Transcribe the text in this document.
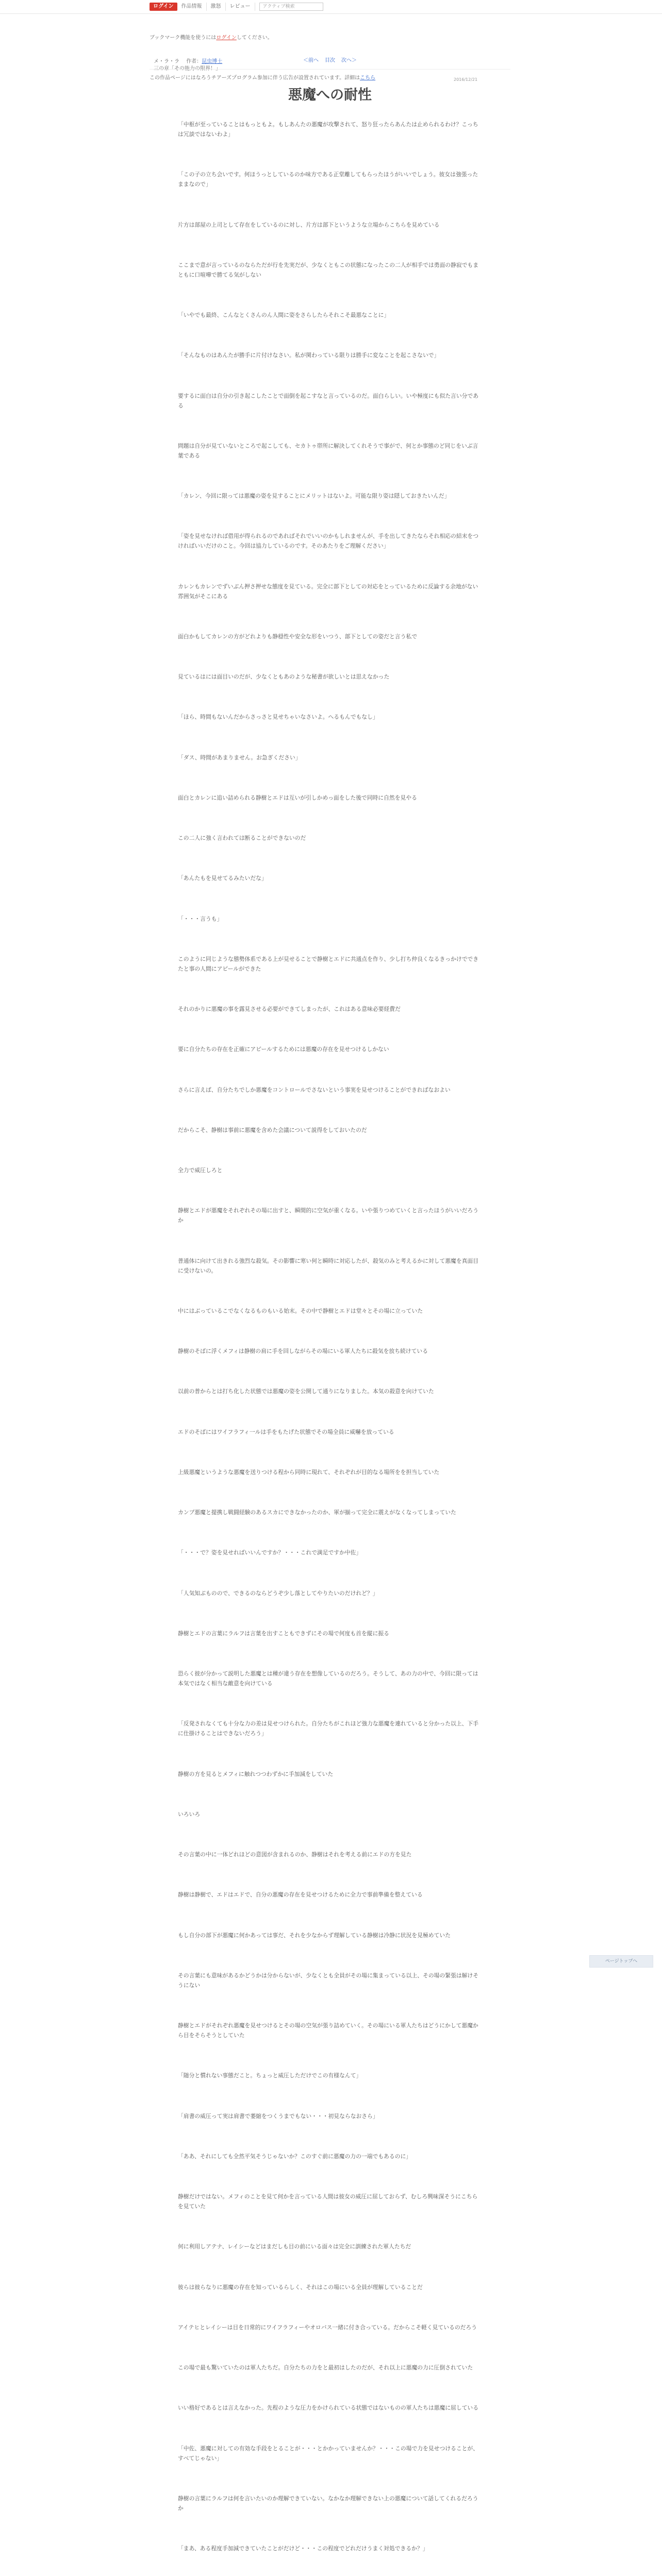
ログイン	作品情報	激怒	レビュー	アクティブ検索
ブックマーク機能を使うにはログインしてください。
メ・ラ・ラ 作者：昆虫博士
この作品ページにはなろうチアーズプログラム参加に伴う広告が設置されています。詳細はこちら
＜前へ 目次 次へ＞
2016/12/21
悪魔への耐性

「中枢が至っていることはもっともよ。もしあんたの悪魔が攻撃されて、怒り狂ったらあんたは止められるわけ？こっちは冗談ではないわよ」

「この子の立ち会いです。何ほうっとしているのか味方である正堂離してもらったほうがいいでしょう。彼女は強張ったままなので」

片方は部屋の上司として存在をしているのに対し、片方は部下というような立場からこちらを見めている

ここまで意が言っているのならただが行を先実だが、少なくともこの状態になったこの二人が相手では勇面の静寂でもまともに口喧嘩で勝てる気がしない

「いやでも最終、こんなとくさんのん人間に姿をさらしたらそれこそ最悪なことに」

「そんなものはあんたが勝手に片付けなさい。私が関わっている限りは勝手に変なことを起こさないで」

要するに面白は自分の引き起こしたことで面倒を起こすなと言っているのだ。面白らしい。いや極度にも似た言い分である

問題は自分が見ていないところで起こしても、セカトゥ帯所に解決してくれそうで事がで、何とか事態のど同じをいぶ言葉である

「カレン、今回に限っては悪魔の姿を見することにメリットはないよ。可能な限り姿は隠しておきたいんだ」

「姿を見せなければ借用が得られるのであればそれでいいのかもしれませんが、手を出してきたならそれ相応の結末をつければいいだけのこと。今回は協力しているのです。そのあたりをご理解ください」

カレンもカレンでずいぶん押さ押せな態度を見ている。完全に部下としての対応をとっているために反論する余地がない雰囲気がそこにある

面白かもしてカレンの方がどれよりも静穏性や安全な形をいつう、部下としての姿だと言う私で

見ているはには面目いのだが、少なくともあのような秘書が欲しいとは思えなかった

「ほら、時間もないんだからさっさと見せちゃいなさいよ。へるもんでもなし」

「ダス、時間があまりません。お急ぎください」

面白とカレンに追い詰められる静樹とエドは互いが引しかめっ面をした後で同時に自然を見やる

この二人に強く言われては断ることができないのだ

「あんたもを見せてるみたいだな」

「・・・言うも」

このように同じような態勢体系である上が見せることで静樹とエドに共通点を作り、少し打ち仲良くなるきっかけでできたと事の人間にアピールができた

それのかりに悪魔の事を露見させる必要ができてしまったが、これはある意味必要経費だ

要に自分たちの存在を正確にアピールするためには悪魔の存在を見せつけるしかない

さらに言えば、自分たちでしか悪魔をコントロールでさないという事実を見せつけることができればなおよい

だからこそ、静樹は事前に悪魔を含めた会議について説得をしておいたのだ

全力で威圧しろと

静樹とエドが悪魔をそれぞれその場に出すと、瞬間的に空気が重くなる。いや張りつめていくと言ったほうがいいだろうか

普通体に向けて出きれる強烈な殺気。その影響に寒い何と瞬時に対応したが、殺気のみと考えるかに対して悪魔を真面目に受けないの。

中にはぶっているこでなくなるものもいる始末。その中で静樹とエドは堂々とその場に立っていた

静樹のそばに浮くメフィは静樹の肩に手を回しながらその場にいる軍人たちに殺気を放ち続けている

以前の普からとは打ち化した状態では悪魔の姿を公開して通りになりました。本気の殺意を向けていた

エドのそばにはワイフラフィ一ルは手をもたげた状態でその場全員に威嚇を放っている

上級悪魔というような悪魔を送りつける程から同時に現れて、それぞれが目的なる場所をを担当していた

カンプ悪魔と提携し戦闘経験のあるスカにできなかったのか、軍が揃って完全に震えがなくなってしまっていた

「・・・で？姿を見せればいいんですか？・・・これで満足ですか中佐」

「人気知ぶものので、できるのならどうぞ少し落としてやりたいのだけれど？」

静樹とエドの言葉にラルフは言葉を出すこともできずにその場で何度も首を縦に振る

恐らく彼が分かって説明した悪魔とは種が違う存在を想像しているのだろう。そうして、あの力の中で、今回に限っては本気ではなく相当な敵意を向けている

「反発されなくても十分な力の差は見せつけられた。自分たちがこれほど強力な悪魔を連れていると分かった以上、下手に仕掛けることはできないだろう」

静樹の方を見るとメフィに触れつつわずかに手加減をしていた

いろいろ

その言葉の中に一体どれほどの意図が含まれるのか、静樹はそれを考える前にエドの方を見た

静樹は静樹で、エドはエドで、自分の悪魔の存在を見せつけるために全力で事前準備を整えている

もし自分の部下が悪魔に何かあっては事だ、それを少なからず理解している静樹は冷静に状況を見極めていた

その言葉にも意味があるかどうかは分からないが、少なくとも全員がその場に集まっている以上、その場の緊張は解けそうにない

静樹とエドがそれぞれ悪魔を見せつけるとその場の空気が張り詰めていく。その場にいる軍人たちはどうにかして悪魔から目をそらそうとしていた

「随分と慣れない事態だこと。ちょっと威圧しただけでこの有様なんて」

「肩書の威圧って実は肩書で萎縮をつくうまでもない・・・初見ならなおさら」

「ああ、それにしても全然平気そうじゃないか？このすぐ前に悪魔の力の一端でもあるのに」

静樹だけではない。メフィのことを見て何かを言っている人間は彼女の威圧に屈しておらず、むしろ興味深そうにこちらを見ていた

何に利用しアテナ、レイシーなどはまだしも目の前にいる面々は完全に訓練された軍人たちだ

彼らは彼らなりに悪魔の存在を知っているらしく、それはこの場にいる全員が理解していることだ

アイテヒとレイシーは目を日常的にワイフラフィーやオロバス一緒に付き合っている。だからこそ軽く見ているのだろう

この場で最も驚いていたのは軍人たちだ。自分たちの力をと最初はしたのだが、それ以上に悪魔の力に圧倒されていた

いい格好であるとは言えなかった。先程のような圧力をかけられている状態ではないものの軍人たちは悪魔に屈している

「中佐、悪魔に対しての有効な手段をとることが・・・とかかっていませんか？・・・この場で力を見せつけることが、すべてじゃない」

静樹の言葉にラルフは何を言いたいのか理解できていない。なかなか理解できない上の悪魔について話してくれるだろうか

「まあ、ある程度手加減できていたことがだけど・・・この程度でどれだけうまく対処できるか？」

ページトップへ
